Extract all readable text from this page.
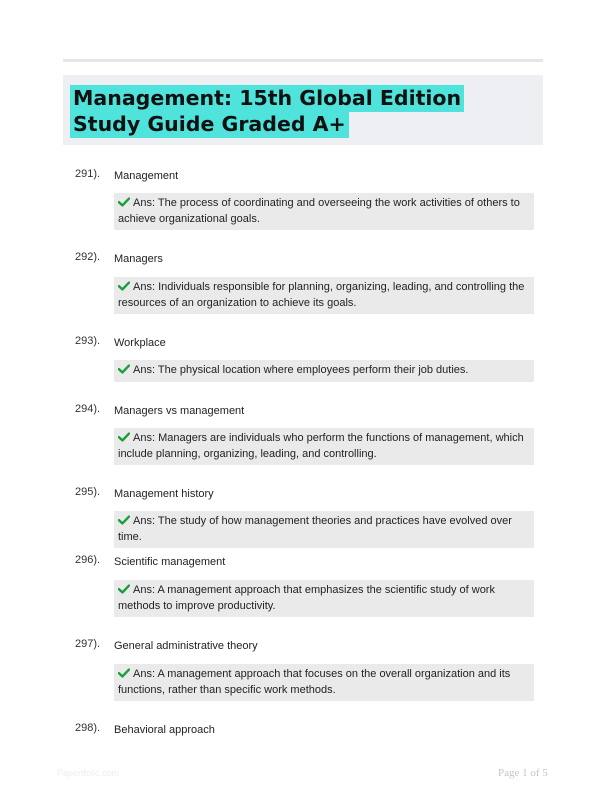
Management: 15th Global Edition Study Guide Graded A+
291). Management
Ans: The process of coordinating and overseeing the work activities of others to achieve organizational goals.
292). Managers
Ans: Individuals responsible for planning, organizing, leading, and controlling the resources of an organization to achieve its goals.
293). Workplace
Ans: The physical location where employees perform their job duties.
294). Managers vs management
Ans: Managers are individuals who perform the functions of management, which include planning, organizing, leading, and controlling.
295). Management history
Ans: The study of how management theories and practices have evolved over time.
296). Scientific management
Ans: A management approach that emphasizes the scientific study of work methods to improve productivity.
297). General administrative theory
Ans: A management approach that focuses on the overall organization and its functions, rather than specific work methods.
298). Behavioral approach
Papertfolic.com	Page 1 of 5
